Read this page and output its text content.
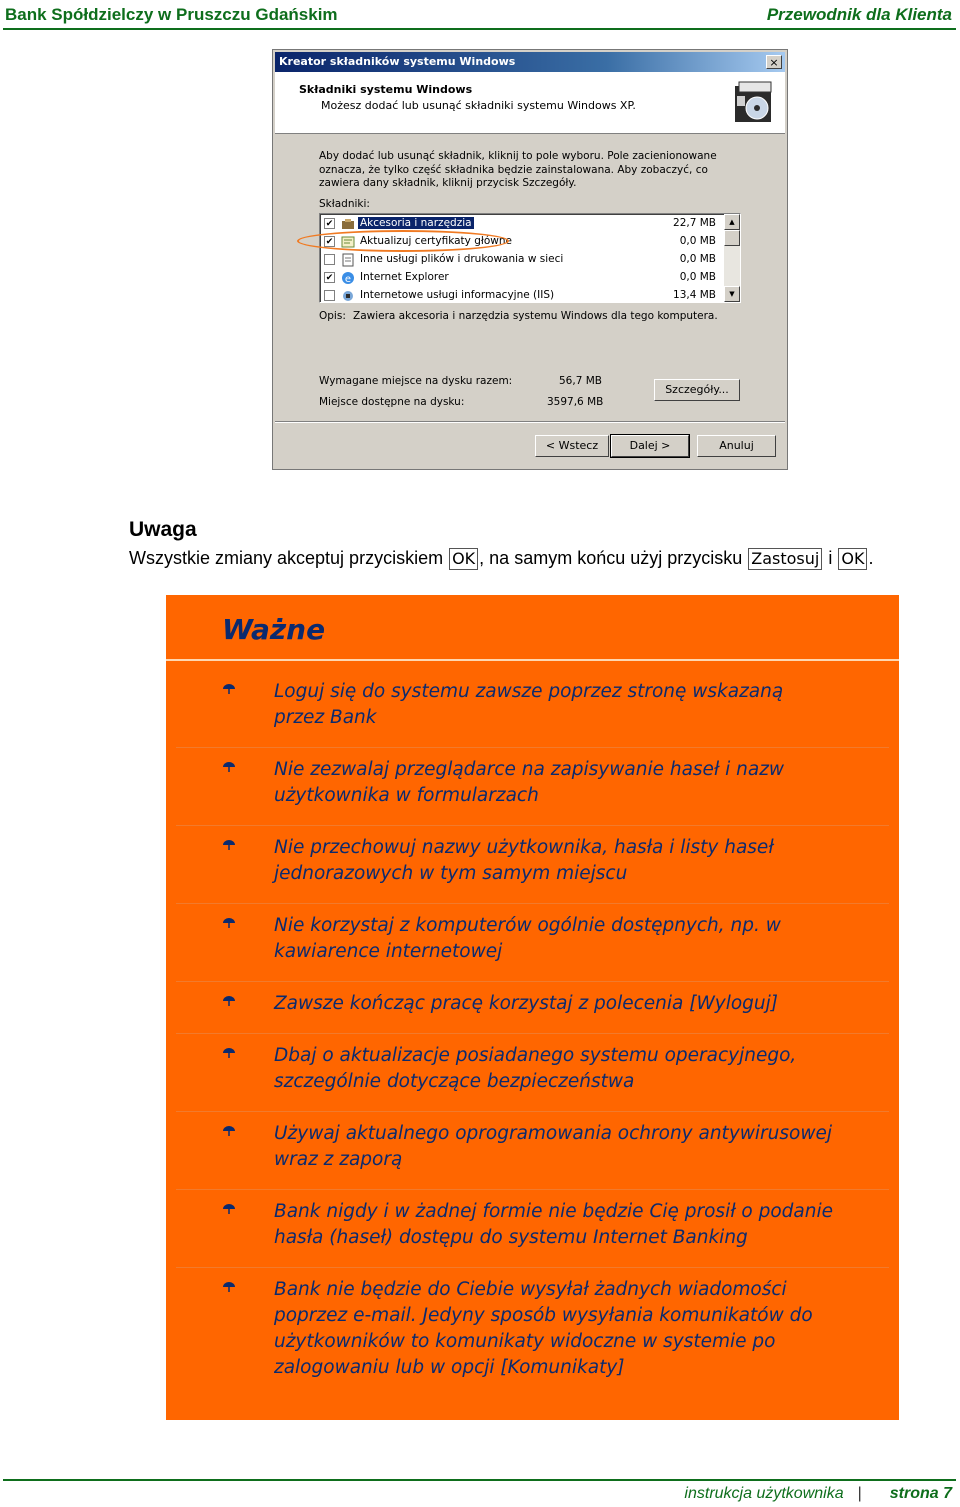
Bank Spółdzielczy w Pruszczu Gdańskim	Przewodnik dla Klienta
Kreator składników systemu Windows	×
Składniki systemu Windows
Możesz dodać lub usunąć składniki systemu Windows XP.
Aby dodać lub usunąć składnik, kliknij to pole wyboru. Pole zacienionowane oznacza, że tylko część składnika będzie zainstalowana. Aby zobaczyć, co zawiera dany składnik, kliknij przycisk Szczegóły.
Składniki:
✔	Akcesoria i narzędzia	22,7 MB
✔	Aktualizuj certyfikaty główne	0,0 MB
Inne usługi plików i drukowania w sieci	0,0 MB
✔ e Internet Explorer	0,0 MB
Internetowe usługi informacyjne (IIS)	13,4 MB
▲
▼
Opis: Zawiera akcesoria i narzędzia systemu Windows dla tego komputera.
Wymagane miejsce na dysku razem:	56,7 MB
Miejsce dostępne na dysku:	3597,6 MB
Szczegóły...
< Wstecz	Dalej >	Anuluj
Uwaga
Wszystkie zmiany akceptuj przyciskiem OK , na samym końcu użyj przycisku Zastosuj i OK .
Ważne
Loguj się do systemu zawsze poprzez stronę wskazaną przez Bank
Nie zezwalaj przeglądarce na zapisywanie haseł i nazw użytkownika w formularzach
Nie przechowuj nazwy użytkownika, hasła i listy haseł jednorazowych w tym samym miejscu
Nie korzystaj z komputerów ogólnie dostępnych, np. w kawiarence internetowej
Zawsze kończąc pracę korzystaj z polecenia [Wyloguj]
Dbaj o aktualizacje posiadanego systemu operacyjnego, szczególnie dotyczące bezpieczeństwa
Używaj aktualnego oprogramowania ochrony antywirusowej wraz z zaporą
Bank nigdy i w żadnej formie nie będzie Cię prosił o podanie hasła (haseł) dostępu do systemu Internet Banking
Bank nie będzie do Ciebie wysyłał żadnych wiadomości poprzez e-mail. Jedyny sposób wysyłania komunikatów do użytkowników to komunikaty widoczne w systemie po zalogowaniu lub w opcji [Komunikaty]
instrukcja użytkownika | strona 7
